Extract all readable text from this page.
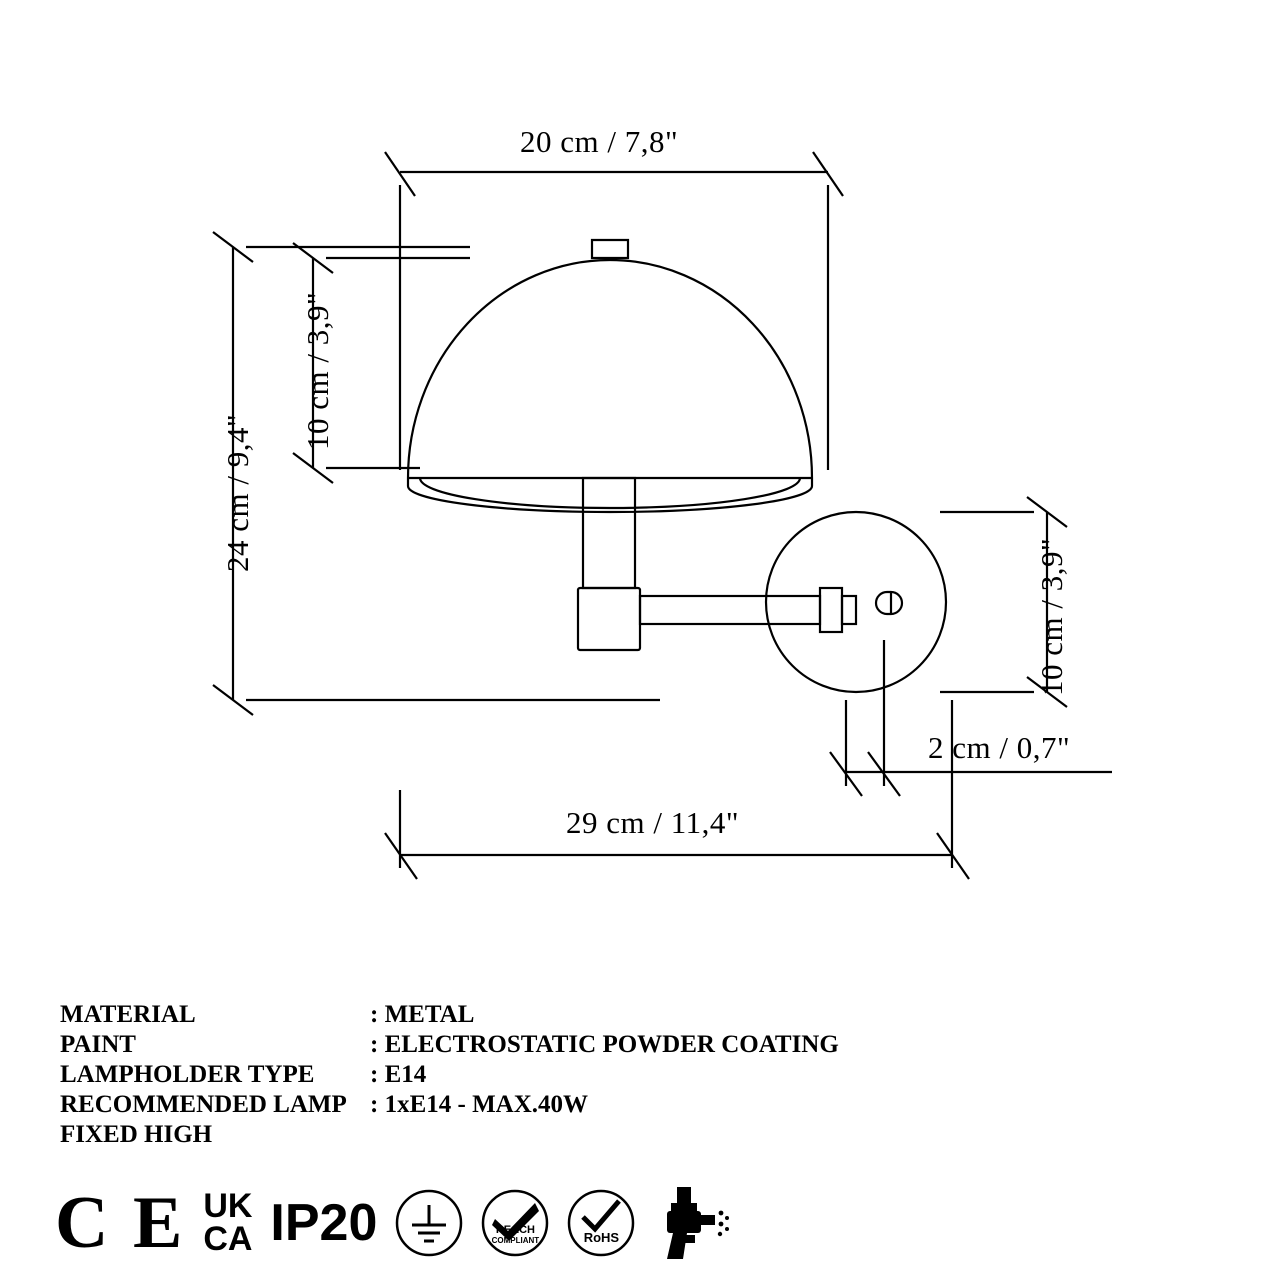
20 cm / 7,8"
10 cm / 3,9"
24 cm / 9,4"
10 cm / 3,9"
2 cm / 0,7"
29 cm / 11,4"
MATERIAL	: METAL
PAINT	: ELECTROSTATIC POWDER COATING
LAMPHOLDER TYPE	: E14
RECOMMENDED LAMP : 1xE14 - MAX.40W
FIXED HIGH
C E UK
CA IP20	REACH
COMPLIANT	RoHS
